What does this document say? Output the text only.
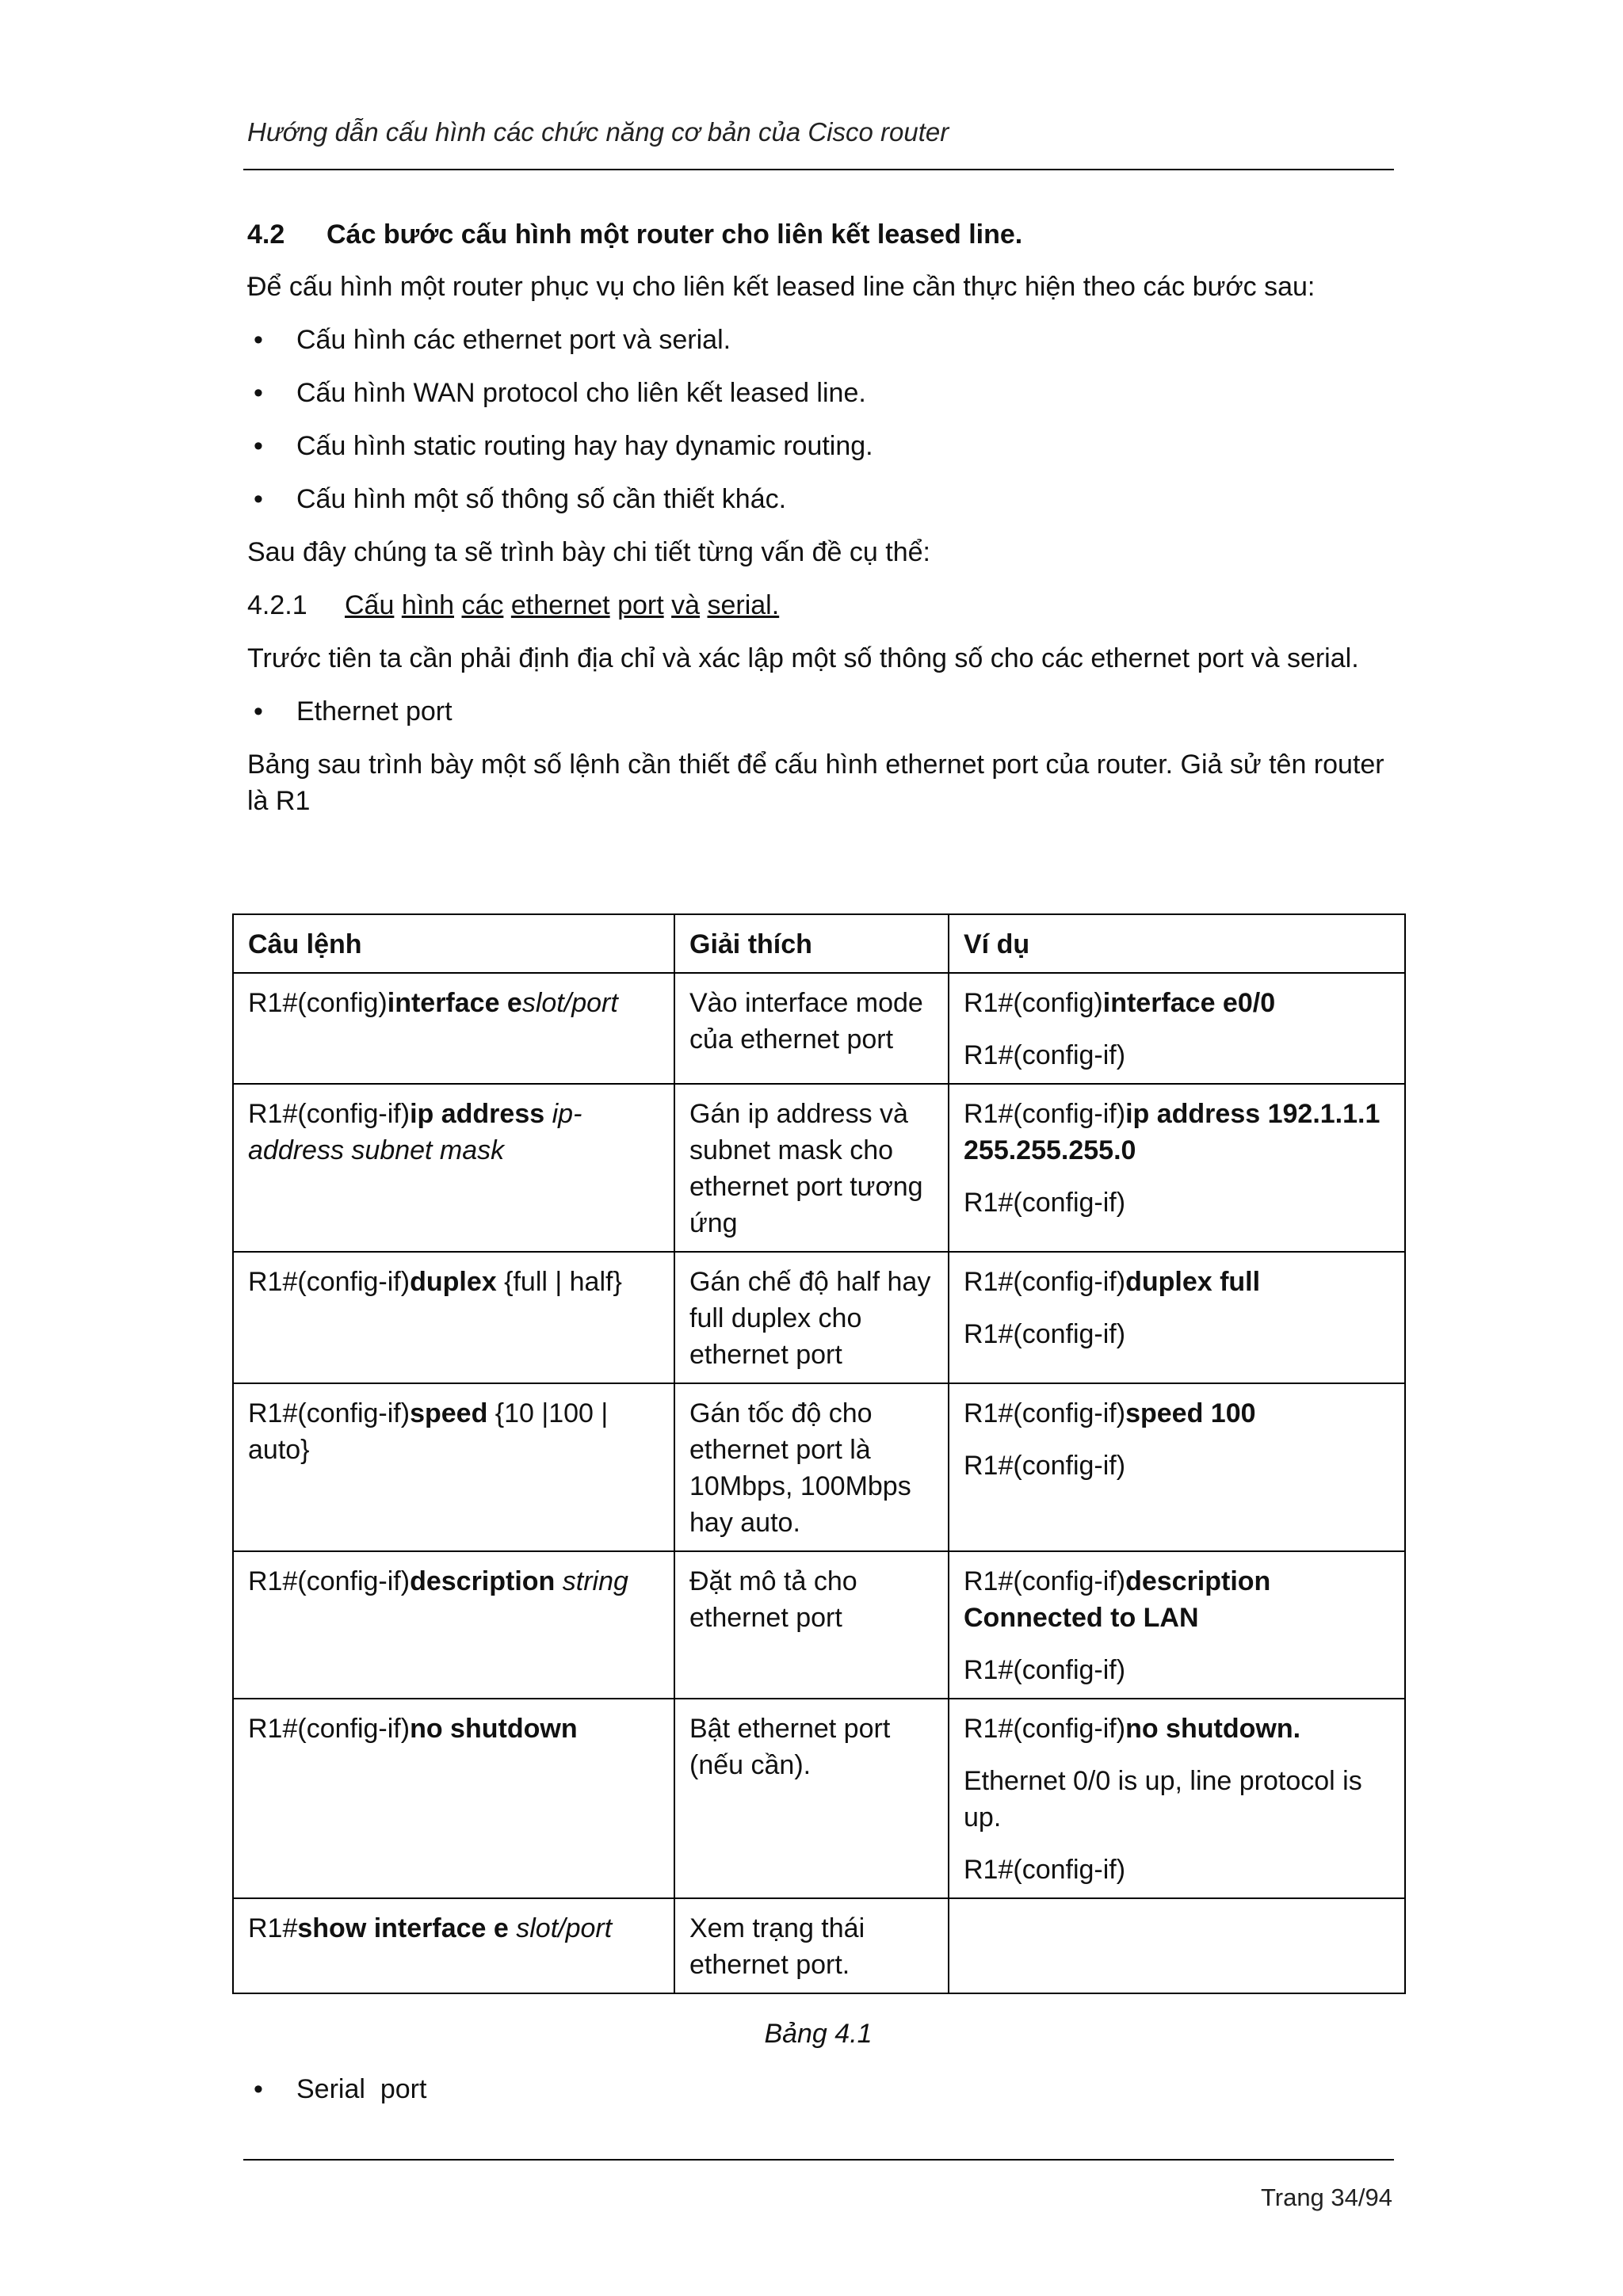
Hướng dẫn cấu hình các chức năng cơ bản của Cisco router
4.2 Các bước cấu hình một router cho liên kết leased line.

Để cấu hình một router phục vụ cho liên kết leased line cần thực hiện theo các bước sau:

• Cấu hình các ethernet port và serial.
• Cấu hình WAN protocol cho liên kết leased line.
• Cấu hình static routing hay hay dynamic routing.
• Cấu hình một số thông số cần thiết khác.

Sau đây chúng ta sẽ trình bày chi tiết từng vấn đề cụ thể:

4.2.1 Cấu hình các ethernet port và serial.

Trước tiên ta cần phải định địa chỉ và xác lập một số thông số cho các ethernet port và serial.

• Ethernet port

Bảng sau trình bày một số lệnh cần thiết để cấu hình ethernet port của router. Giả sử tên router là R1

Câu lệnh	Giải thích	Ví dụ
R1#(config)interface eslot/port	Vào interface mode của ethernet port	R1#(config)interface e0/0

R1#(config-if)

R1#(config-if)ip address ip-address subnet mask	Gán ip address và subnet mask cho ethernet port tương ứng	R1#(config-if)ip address 192.1.1.1 255.255.255.0

R1#(config-if)

R1#(config-if)duplex {full | half}	Gán chế độ half hay full duplex cho ethernet port	R1#(config-if)duplex full

R1#(config-if)

R1#(config-if)speed {10 |100 | auto}	Gán tốc độ cho ethernet port là 10Mbps, 100Mbps hay auto.	R1#(config-if)speed 100

R1#(config-if)

R1#(config-if)description string	Đặt mô tả cho ethernet port	R1#(config-if)description Connected to LAN

R1#(config-if)

R1#(config-if)no shutdown	Bật ethernet port (nếu cần).	R1#(config-if)no shutdown.

Ethernet 0/0 is up, line protocol is up.

R1#(config-if)

R1#show interface e slot/port	Xem trạng thái ethernet port.	
Bảng 4.1
• Serial  port
Trang 34/94
